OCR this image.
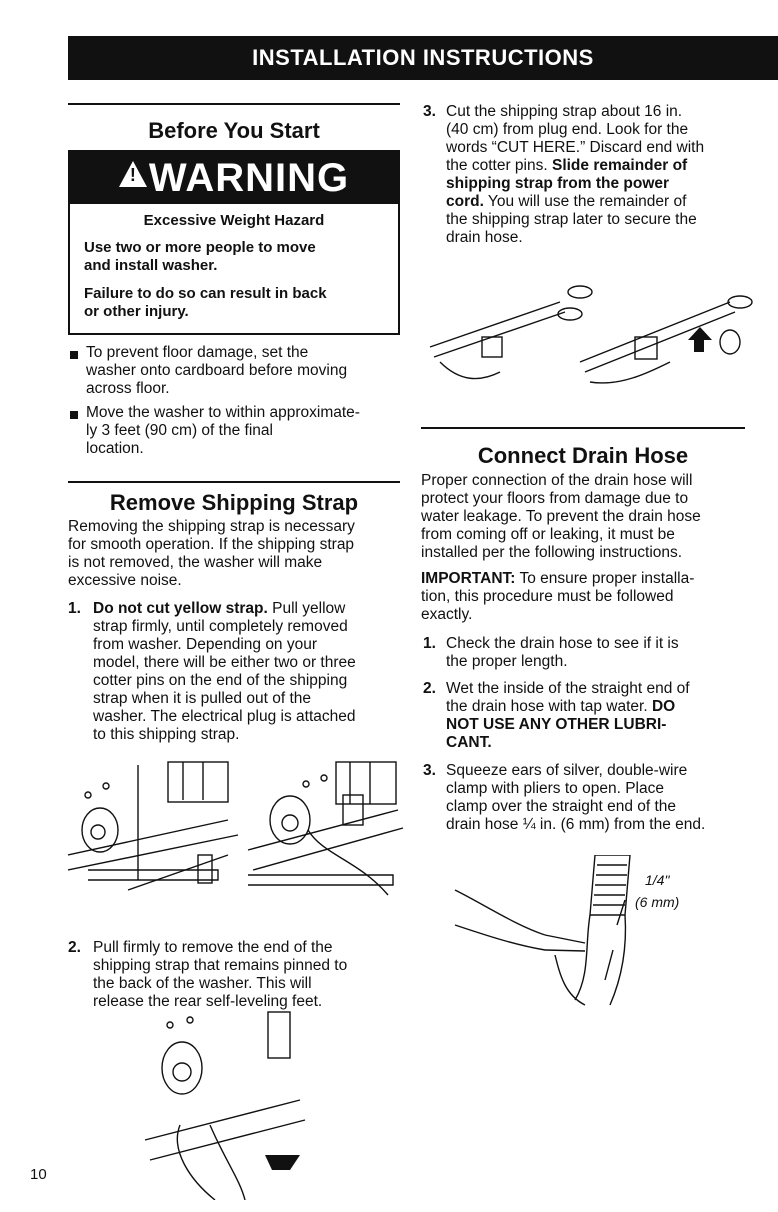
INSTALLATION INSTRUCTIONS
Before You Start
! WARNING
Excessive Weight Hazard
Use two or more people to move
and install washer.
Failure to do so can result in back
or other injury.
To prevent floor damage, set the
washer onto cardboard before moving
across floor.
Move the washer to within approximate-
ly 3 feet (90 cm) of the final
location.
Remove Shipping Strap
Removing the shipping strap is necessary
for smooth operation. If the shipping strap
is not removed, the washer will make
excessive noise.
1. Do not cut yellow strap. Pull yellow
strap firmly, until completely removed
from washer. Depending on your
model, there will be either two or three
cotter pins on the end of the shipping
strap when it is pulled out of the
washer. The electrical plug is attached
to this shipping strap.
2. Pull firmly to remove the end of the
shipping strap that remains pinned to
the back of the washer. This will
release the rear self-leveling feet.
10
3. Cut the shipping strap about 16 in.
(40 cm) from plug end. Look for the
words “CUT HERE.” Discard end with
the cotter pins. Slide remainder of
shipping strap from the power
cord. You will use the remainder of
the shipping strap later to secure the
drain hose.
Connect Drain Hose
Proper connection of the drain hose will
protect your floors from damage due to
water leakage. To prevent the drain hose
from coming off or leaking, it must be
installed per the following instructions.
IMPORTANT: To ensure proper installa-
tion, this procedure must be followed
exactly.
1. Check the drain hose to see if it is
the proper length.
2. Wet the inside of the straight end of
the drain hose with tap water. DO
NOT USE ANY OTHER LUBRI-
CANT.
3. Squeeze ears of silver, double-wire
clamp with pliers to open. Place
clamp over the straight end of the
drain hose ¼ in. (6 mm) from the end.
1/4"
(6 mm)
